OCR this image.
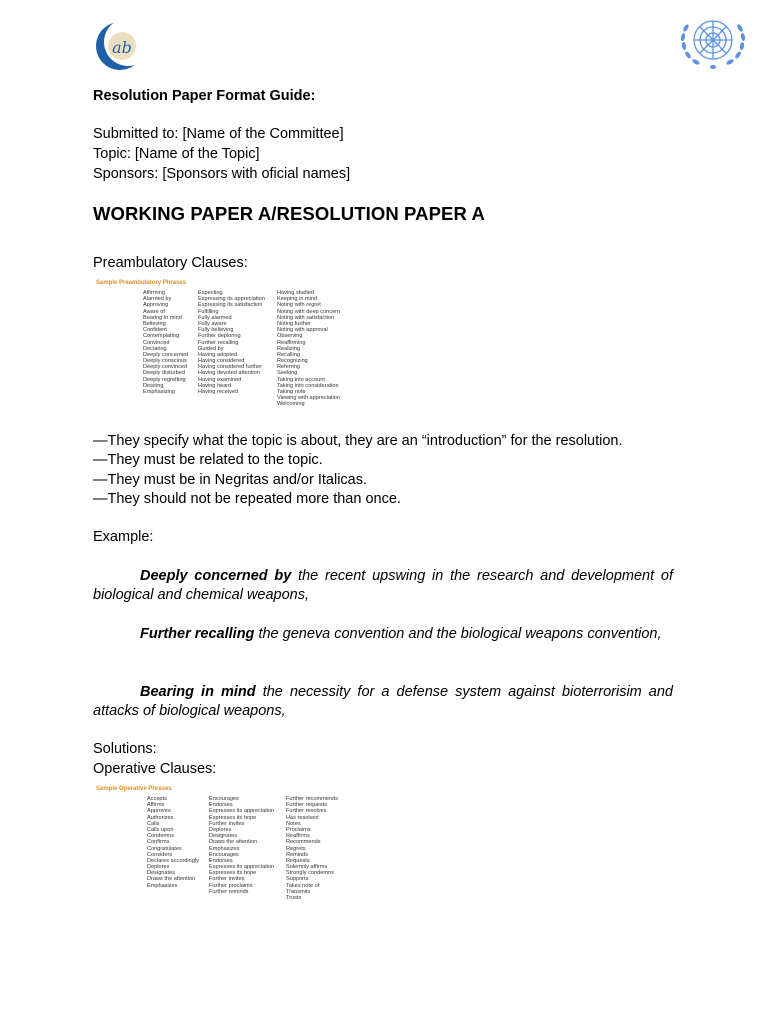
ab
Resolution Paper Format Guide:
Submitted to: [Name of the Committee]
Topic: [Name of the Topic]
Sponsors: [Sponsors with oficial names]
WORKING PAPER A/RESOLUTION PAPER A
Preambulatory Clauses:
Sample Preambulatory Phrases
Affirming
Alarmed by
Approving
Aware of
Bearing in mind
Believing
Confident
Contemplating
Convinced
Declaring
Deeply concerned
Deeply conscious
Deeply convinced
Deeply disturbed
Deeply regretting
Desiring
Emphasizing
Expecting
Expressing its appreciation
Expressing its satisfaction
Fulfilling
Fully alarmed
Fully aware
Fully believing
Further deploring
Further recalling
Guided by
Having adopted
Having considered
Having considered further
Having devoted attention
Having examined
Having heard
Having received
Having studied
Keeping in mind
Noting with regret
Noting with deep concern
Noting with satisfaction
Noting further
Noting with approval
Observing
Reaffirming
Realizing
Recalling
Recognizing
Referring
Seeking
Taking into account
Taking into consideration
Taking note
Viewing with appreciation
Welcoming
—They specify what the topic is about, they are an “introduction” for the resolution.
—They must be related to the topic.
—They must be in Negritas and/or Italicas.
—They should not be repeated more than once.
Example:
Deeply concerned by the recent upswing in the research and development of biological and chemical weapons,
Further recalling the geneva convention and the biological weapons convention,
Bearing in mind the necessity for a defense system against bioterrorisim and attacks of biological weapons,
Solutions:
Operative Clauses:
Sample Operative Phrases
Accepts
Affirms
Approves
Authorizes
Calls
Calls upon
Condemns
Confirms
Congratulates
Considers
Declares accordingly
Deplores
Designates
Draws the attention
Emphasizes
Encourages
Endorses
Expresses its appreciation
Expresses its hope
Further invites
Deplores
Designates
Draws the attention
Emphasizes
Encourages
Endorses
Expresses its appreciation
Expresses its hope
Further invites
Further proclaims
Further reminds
Further recommends
Further requests
Further resolves
Has resolved
Notes
Proclaims
Reaffirms
Recommends
Regrets
Reminds
Requests
Solemnly affirms
Strongly condemns
Supports
Takes note of
Transmits
Trusts
